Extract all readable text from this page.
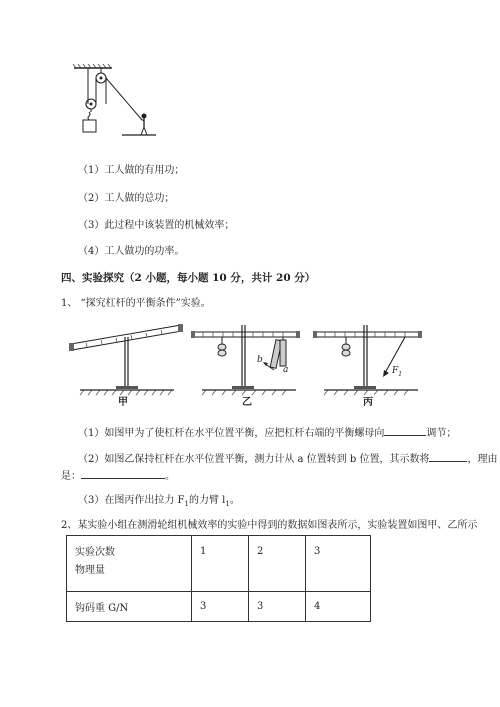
（1）工人做的有用功；
（2）工人做的总功；
（3）此过程中该装置的机械效率；
（4）工人做功的功率。
四、实验探究（2 小题，每小题 10 分，共计 20 分）
1、 “探究杠杆的平衡条件”实验。
甲
b
a
乙
$F_1$
丙
（1）如图甲为了使杠杆在水平位置平衡，应把杠杆右端的平衡螺母向	调节；
（2）如图乙保持杠杆在水平位置平衡，测力计从 a 位置转到 b 位置，其示数将	，理由
是：	。
（3）在图丙作出拉力 $F_1$的力臂 $l_1$。
2、某实验小组在测滑轮组机械效率的实验中得到的数据如图表所示，实验装置如图甲、乙所示
实验次数
物理量	1	2	3
钩码重 G/N	3	3	4
